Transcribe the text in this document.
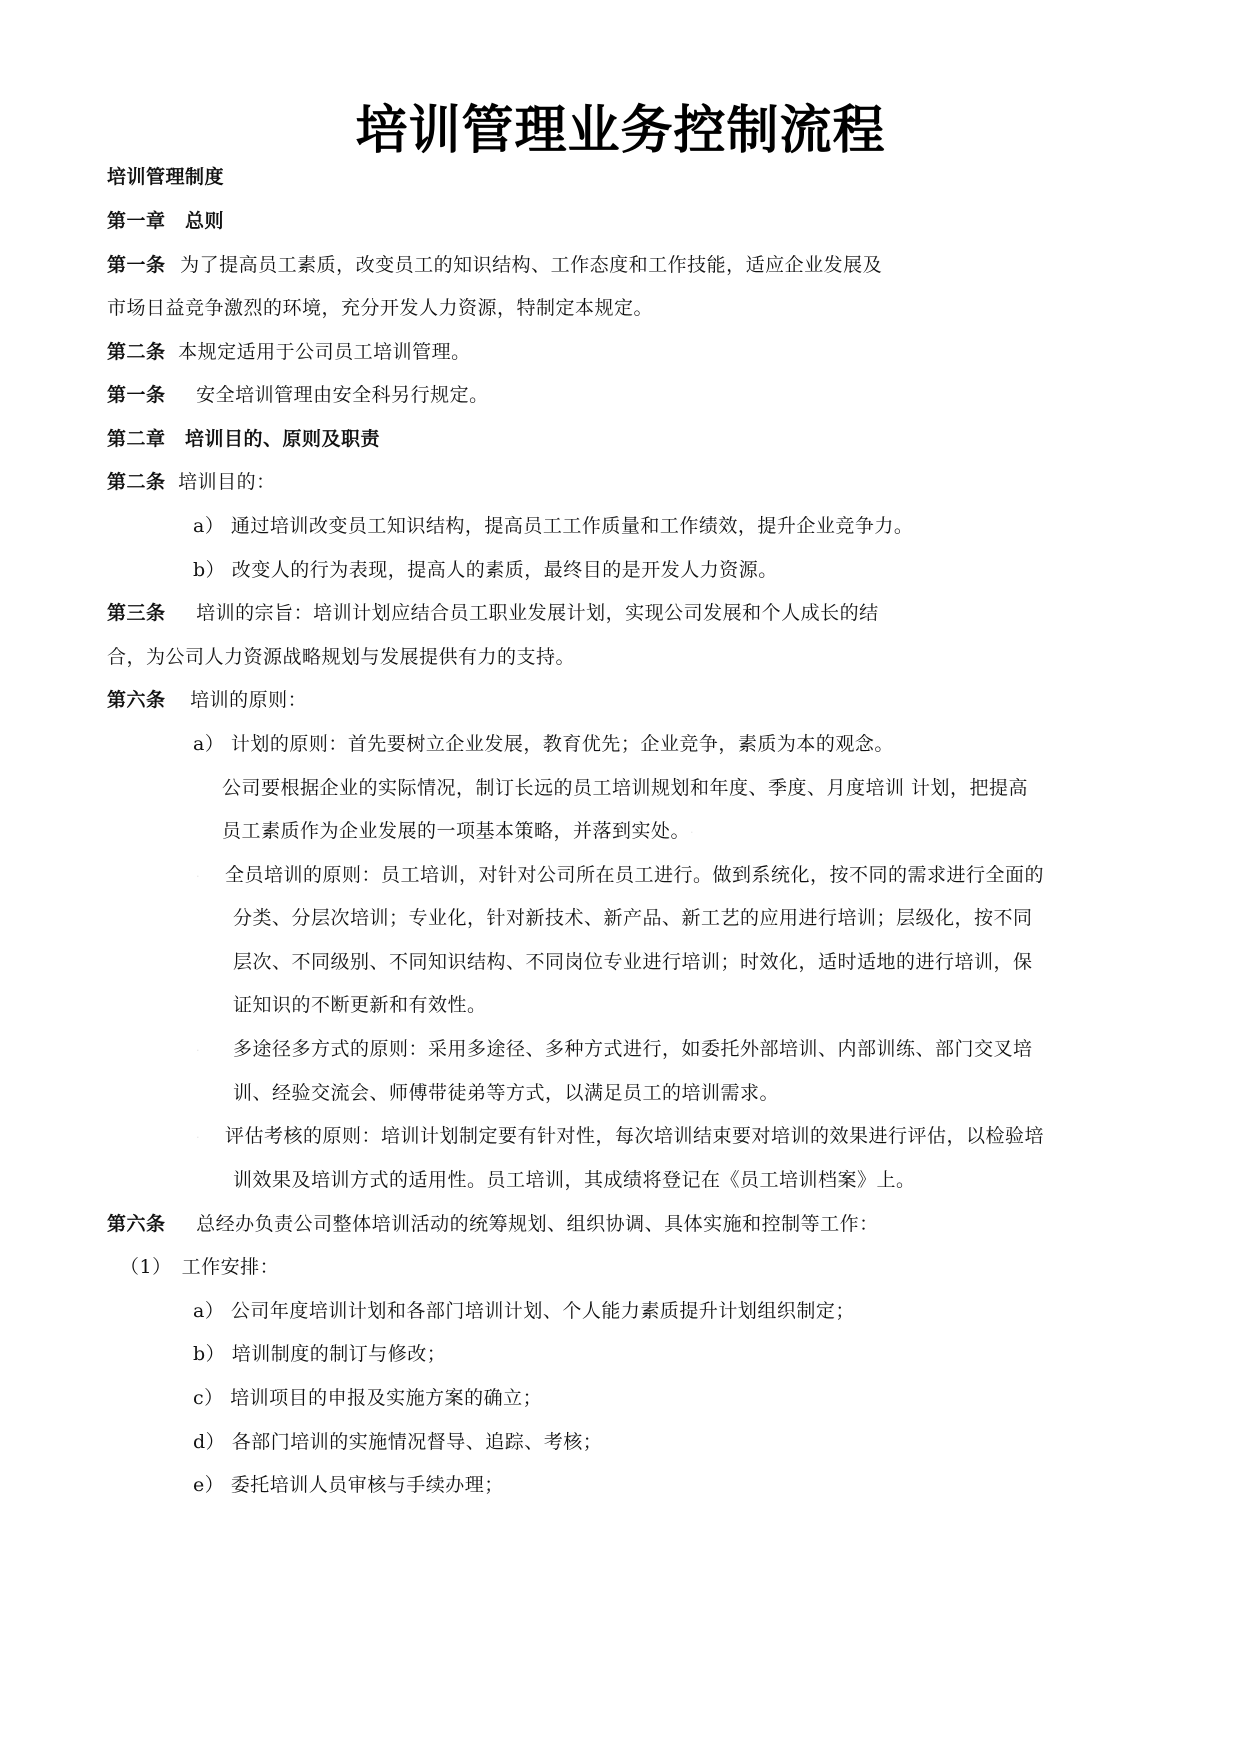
培训管理业务控制流程
培训管理制度
第一章　总则
第一条 为了提高员工素质，改变员工的知识结构、工作态度和工作技能，适应企业发展及
市场日益竞争激烈的环境，充分开发人力资源，特制定本规定。
第二条 本规定适用于公司员工培训管理。
第一条 安全培训管理由安全科另行规定。
第二章　培训目的、原则及职责
第二条 培训目的：
a） 通过培训改变员工知识结构，提高员工工作质量和工作绩效，提升企业竞争力。
b） 改变人的行为表现，提高人的素质，最终目的是开发人力资源。
第三条 培训的宗旨：培训计划应结合员工职业发展计划，实现公司发展和个人成长的结
合，为公司人力资源战略规划与发展提供有力的支持。
第六条 培训的原则：
a） 计划的原则：首先要树立企业发展，教育优先；企业竞争，素质为本的观念。
公司要根据企业的实际情况，制订长远的员工培训规划和年度、季度、月度培训 计划，把提高
员工素质作为企业发展的一项基本策略，并落到实处。 ·
· 全员培训的原则：员工培训，对针对公司所在员工进行。做到系统化，按不同的需求进行全面的
分类、分层次培训；专业化，针对新技术、新产品、新工艺的应用进行培训；层级化，按不同
层次、不同级别、不同知识结构、不同岗位专业进行培训；时效化，适时适地的进行培训，保
证知识的不断更新和有效性。
· 多途径多方式的原则：采用多途径、多种方式进行，如委托外部培训、内部训练、部门交叉培
训、经验交流会、师傅带徒弟等方式，以满足员工的培训需求。
· 评估考核的原则：培训计划制定要有针对性，每次培训结束要对培训的效果进行评估，以检验培
训效果及培训方式的适用性。员工培训，其成绩将登记在《员工培训档案》上。
第六条 总经办负责公司整体培训活动的统筹规划、组织协调、具体实施和控制等工作：
（1）　工作安排：
a） 公司年度培训计划和各部门培训计划、个人能力素质提升计划组织制定；
b） 培训制度的制订与修改；
c） 培训项目的申报及实施方案的确立；
d） 各部门培训的实施情况督导、追踪、考核；
e） 委托培训人员审核与手续办理；
